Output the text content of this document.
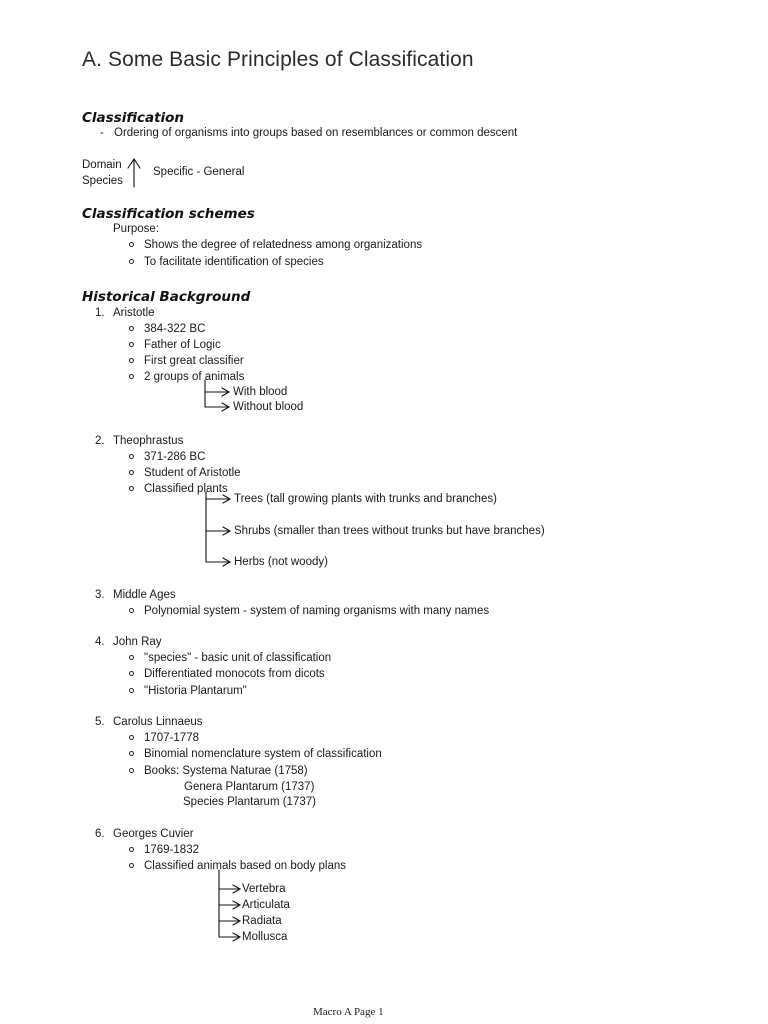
A. Some Basic Principles of Classification
Classification
- Ordering of organisms into groups based on resemblances or common descent
Domain
Species
Specific - General
Classification schemes
Purpose:
Shows the degree of relatedness among organizations
To facilitate identification of species
Historical Background
1. Aristotle
384-322 BC
Father of Logic
First great classifier
2 groups of animals
With blood
Without blood
2. Theophrastus
371-286 BC
Student of Aristotle
Classified plants
Trees (tall growing plants with trunks and branches)
Shrubs (smaller than trees without trunks but have branches)
Herbs (not woody)
3. Middle Ages
Polynomial system - system of naming organisms with many names
4. John Ray
"species" - basic unit of classification
Differentiated monocots from dicots
"Historia Plantarum"
5. Carolus Linnaeus
1707-1778
Binomial nomenclature system of classification
Books: Systema Naturae (1758)
Genera Plantarum (1737)
Species Plantarum (1737)
6. Georges Cuvier
1769-1832
Classified animals based on body plans
Vertebra
Articulata
Radiata
Mollusca
Macro A Page 1
